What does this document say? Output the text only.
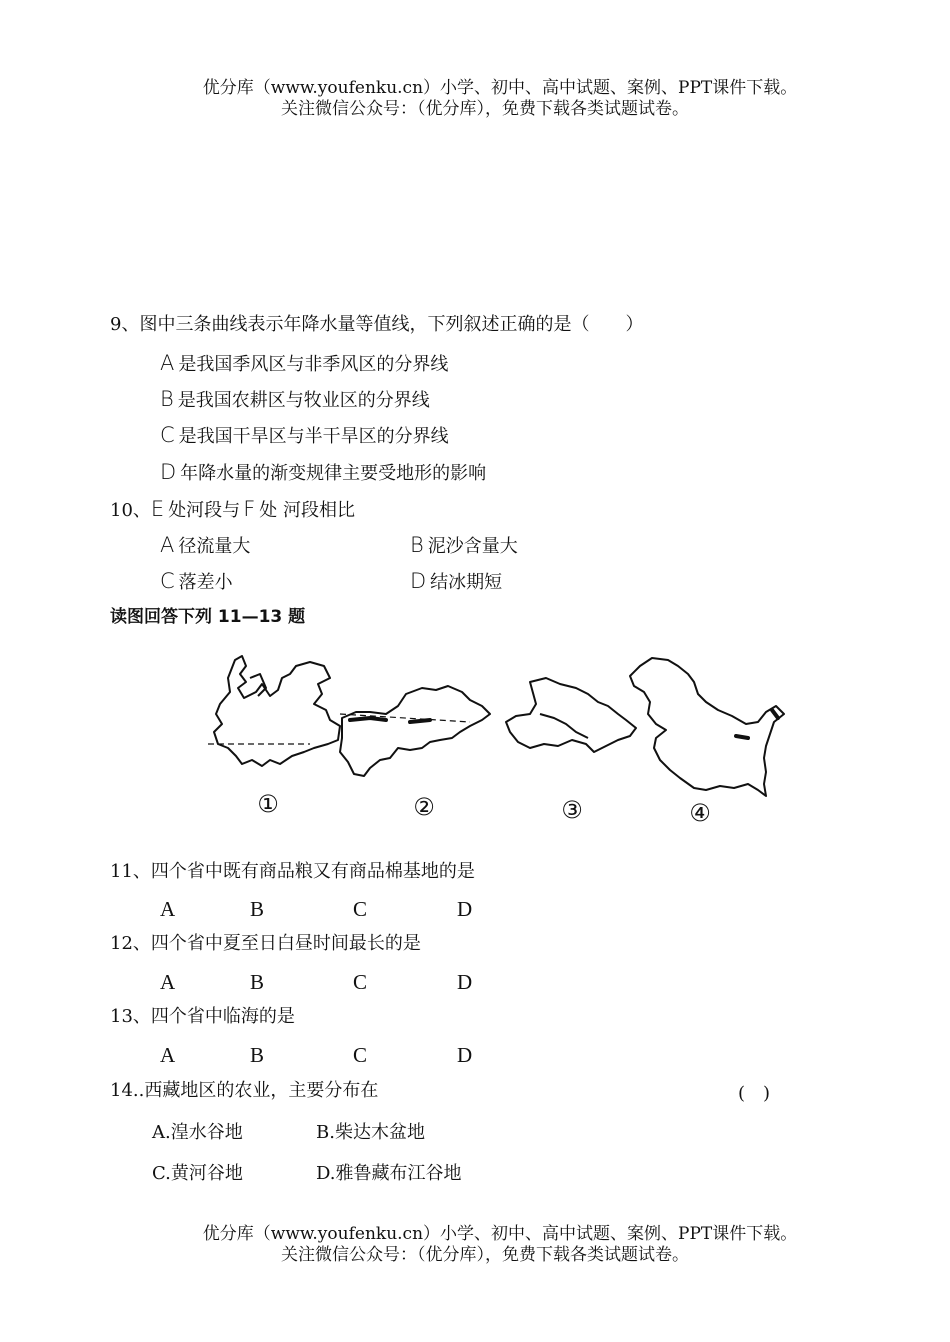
优分库（www.youfenku.cn）小学、初中、高中试题、案例、PPT课件下载。
关注微信公众号：（优分库），免费下载各类试题试卷。
9、图中三条曲线表示年降水量等值线，下列叙述正确的是（　　）
A 是我国季风区与非季风区的分界线
B 是我国农耕区与牧业区的分界线
C 是我国干旱区与半干旱区的分界线
D 年降水量的渐变规律主要受地形的影响
10、E 处河段与 F 处 河段相比
A 径流量大	B 泥沙含量大
C 落差小	D 结冰期短
读图回答下列 11—13 题
①	②	③	④
11、四个省中既有商品粮又有商品棉基地的是
A	B	C	D
12、四个省中夏至日白昼时间最长的是
A	B	C	D
13、四个省中临海的是
A	B	C	D
14..西藏地区的农业，主要分布在	(　)
A.湟水谷地	B.柴达木盆地
C.黄河谷地	D.雅鲁藏布江谷地
优分库（www.youfenku.cn）小学、初中、高中试题、案例、PPT课件下载。
关注微信公众号：（优分库），免费下载各类试题试卷。
